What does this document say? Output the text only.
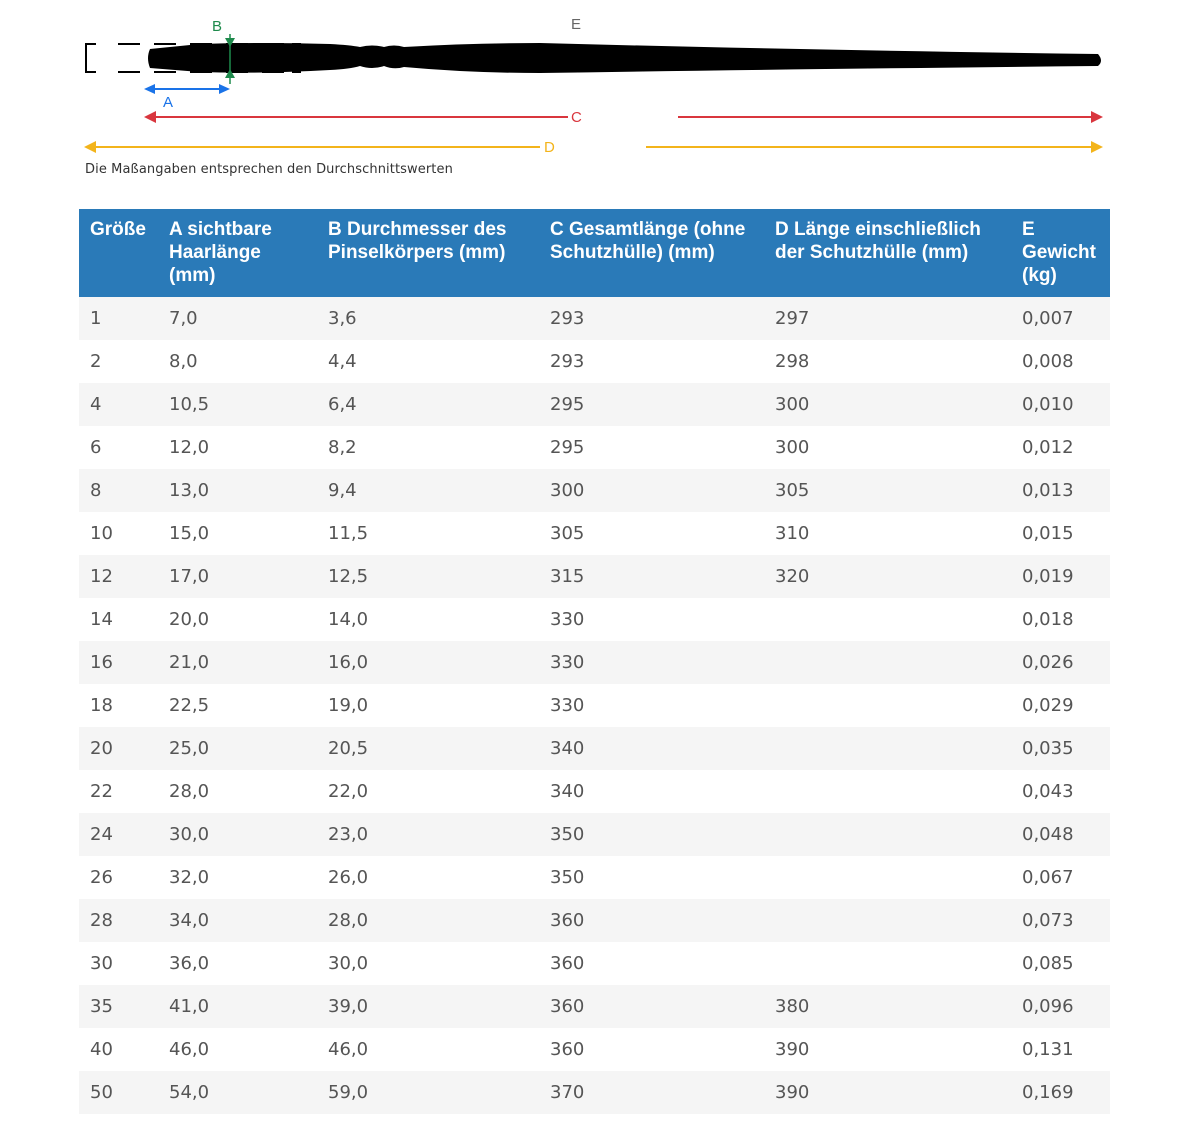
E
B
A
C
D
Die Maßangaben entsprechen den Durchschnittswerten
Größe	A sichtbare Haarlänge (mm)	B Durchmesser des Pinselkörpers (mm)	C Gesamtlänge (ohne Schutzhülle) (mm)	D Länge einschließlich der Schutzhülle (mm)	E Gewicht (kg)
1	7,0	3,6	293	297	0,007
2	8,0	4,4	293	298	0,008
4	10,5	6,4	295	300	0,010
6	12,0	8,2	295	300	0,012
8	13,0	9,4	300	305	0,013
10	15,0	11,5	305	310	0,015
12	17,0	12,5	315	320	0,019
14	20,0	14,0	330		0,018
16	21,0	16,0	330		0,026
18	22,5	19,0	330		0,029
20	25,0	20,5	340		0,035
22	28,0	22,0	340		0,043
24	30,0	23,0	350		0,048
26	32,0	26,0	350		0,067
28	34,0	28,0	360		0,073
30	36,0	30,0	360		0,085
35	41,0	39,0	360	380	0,096
40	46,0	46,0	360	390	0,131
50	54,0	59,0	370	390	0,169
